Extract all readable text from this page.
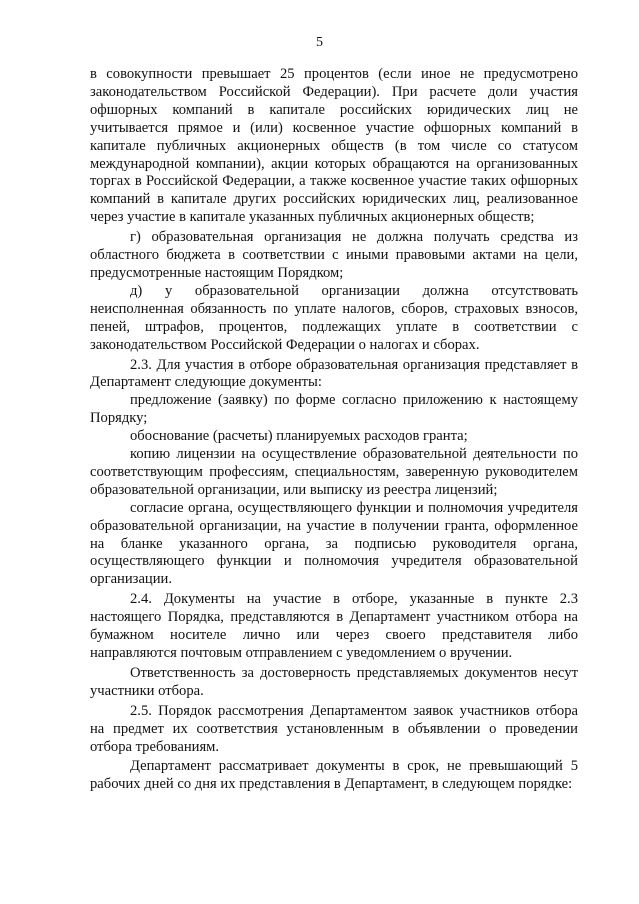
5

в совокупности превышает 25 процентов (если иное не предусмотрено законодательством Российской Федерации). При расчете доли участия офшорных компаний в капитале российских юридических лиц не учитывается прямое и (или) косвенное участие офшорных компаний в капитале публичных акционерных обществ (в том числе со статусом международной компании), акции которых обращаются на организованных торгах в Российской Федерации, а также косвенное участие таких офшорных компаний в капитале других российских юридических лиц, реализованное через участие в капитале указанных публичных акционерных обществ;

г) образовательная организация не должна получать средства из областного бюджета в соответствии с иными правовыми актами на цели, предусмотренные настоящим Порядком;

д) у образовательной организации должна отсутствовать неисполненная обязанность по уплате налогов, сборов, страховых взносов, пеней, штрафов, процентов, подлежащих уплате в соответствии с законодательством Российской Федерации о налогах и сборах.

2.3. Для участия в отборе образовательная организация представляет в Департамент следующие документы:

предложение (заявку) по форме согласно приложению к настоящему Порядку;

обоснование (расчеты) планируемых расходов гранта;

копию лицензии на осуществление образовательной деятельности по соответствующим профессиям, специальностям, заверенную руководителем образовательной организации, или выписку из реестра лицензий;

согласие органа, осуществляющего функции и полномочия учредителя образовательной организации, на участие в получении гранта, оформленное на бланке указанного органа, за подписью руководителя органа, осуществляющего функции и полномочия учредителя образовательной организации.

2.4. Документы на участие в отборе, указанные в пункте 2.3 настоящего Порядка, представляются в Департамент участником отбора на бумажном носителе лично или через своего представителя либо направляются почтовым отправлением с уведомлением о вручении.

Ответственность за достоверность представляемых документов несут участники отбора.

2.5. Порядок рассмотрения Департаментом заявок участников отбора на предмет их соответствия установленным в объявлении о проведении отбора требованиям.

Департамент рассматривает документы в срок, не превышающий 5 рабочих дней со дня их представления в Департамент, в следующем порядке:
